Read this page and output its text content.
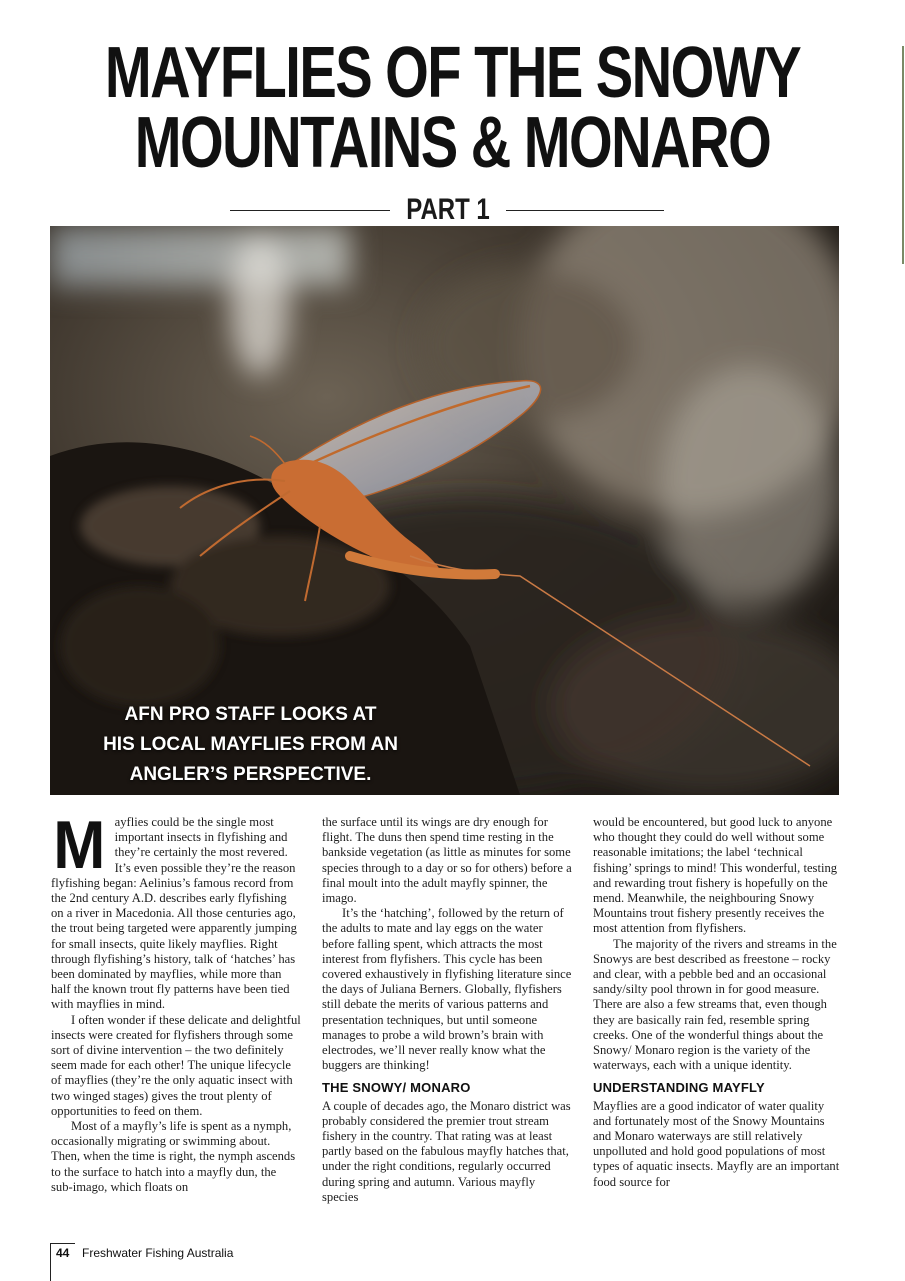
MAYFLIES OF THE SNOWY
MOUNTAINS & MONARO
PART 1
AFN PRO STAFF LOOKS AT
HIS LOCAL MAYFLIES FROM AN
ANGLER’S PERSPECTIVE.

Mayflies could be the single most important insects in flyfishing and they’re certainly the most revered. It’s even possible they’re the reason flyfishing began: Aelinius’s famous record from the 2nd century A.D. describes early flyfishing on a river in Macedonia. All those centuries ago, the trout being targeted were apparently jumping for small insects, quite likely mayflies. Right through flyfishing’s history, talk of ‘hatches’ has been dominated by mayflies, while more than half the known trout fly patterns have been tied with mayflies in mind.

I often wonder if these delicate and delightful insects were created for flyfishers through some sort of divine intervention – the two definitely seem made for each other! The unique lifecycle of mayflies (they’re the only aquatic insect with two winged stages) gives the trout plenty of opportunities to feed on them.

Most of a mayfly’s life is spent as a nymph, occasionally migrating or swimming about. Then, when the time is right, the nymph ascends to the surface to hatch into a mayfly dun, the sub-imago, which floats on

the surface until its wings are dry enough for flight. The duns then spend time resting in the bankside vegetation (as little as minutes for some species through to a day or so for others) before a final moult into the adult mayfly spinner, the imago.

It’s the ‘hatching’, followed by the return of the adults to mate and lay eggs on the water before falling spent, which attracts the most interest from flyfishers. This cycle has been covered exhaustively in flyfishing literature since the days of Juliana Berners. Globally, flyfishers still debate the merits of various patterns and presentation techniques, but until someone manages to probe a wild brown’s brain with electrodes, we’ll never really know what the buggers are thinking!

THE SNOWY/ MONARO

A couple of decades ago, the Monaro district was probably considered the premier trout stream fishery in the country. That rating was at least partly based on the fabulous mayfly hatches that, under the right conditions, regularly occurred during spring and autumn. Various mayfly species

would be encountered, but good luck to anyone who thought they could do well without some reasonable imitations; the label ‘technical fishing’ springs to mind! This wonderful, testing and rewarding trout fishery is hopefully on the mend. Meanwhile, the neighbouring Snowy Mountains trout fishery presently receives the most attention from flyfishers.

The majority of the rivers and streams in the Snowys are best described as freestone – rocky and clear, with a pebble bed and an occasional sandy/silty pool thrown in for good measure. There are also a few streams that, even though they are basically rain fed, resemble spring creeks. One of the wonderful things about the Snowy/ Monaro region is the variety of the waterways, each with a unique identity.

UNDERSTANDING MAYFLY

Mayflies are a good indicator of water quality and fortunately most of the Snowy Mountains and Monaro waterways are still relatively unpolluted and hold good populations of most types of aquatic insects. Mayfly are an important food source for

44 Freshwater Fishing Australia
